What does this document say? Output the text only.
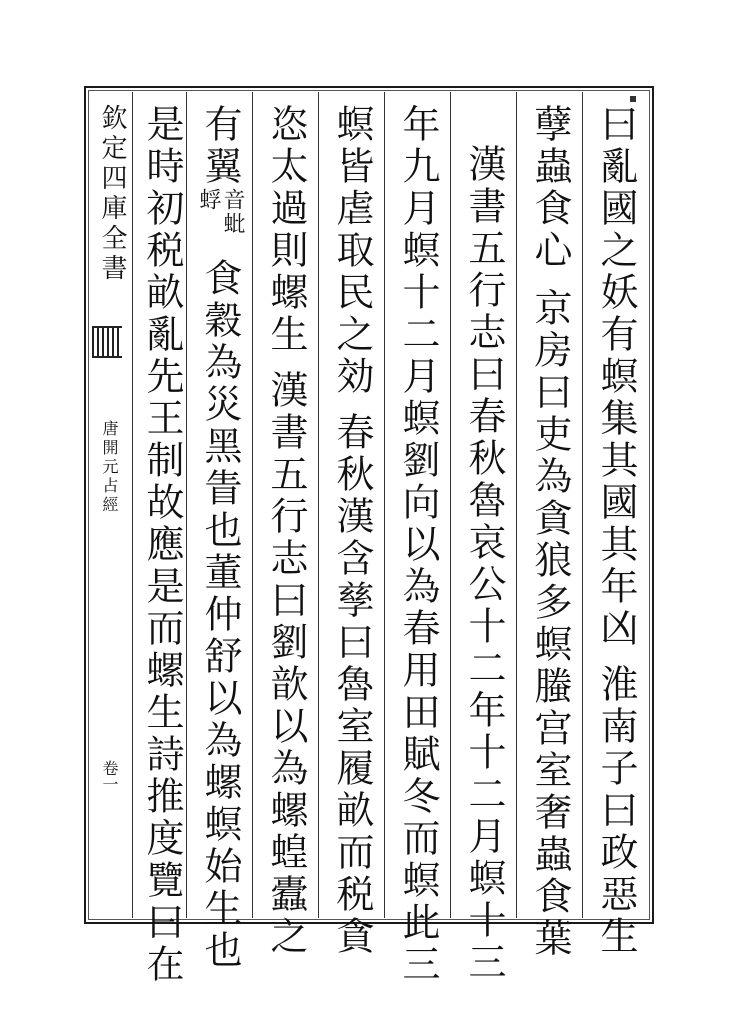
欽定四庫全書
唐開元占經
卷一
曰亂國之妖有螟集其國其年凶
淮南子曰政惡生
孽蟲食心
京房曰吏為貪狼多螟螣宫室奢蟲食葉
漢書五行志曰春秋魯哀公十二年十二月螟十三
年九月螟十二月螟劉向以為春用田賦冬而螟此三
螟皆虐取民之効
春秋漢含孳曰魯室履畝而税貪
恣太過則螺生
漢書五行志曰劉歆以為螺蝗蠹之
有翼
音蚍
蜉
食穀為災黑眚也董仲舒以為螺螟始生也
是時初税畝亂先王制故應是而螺生詩推度覽曰在
